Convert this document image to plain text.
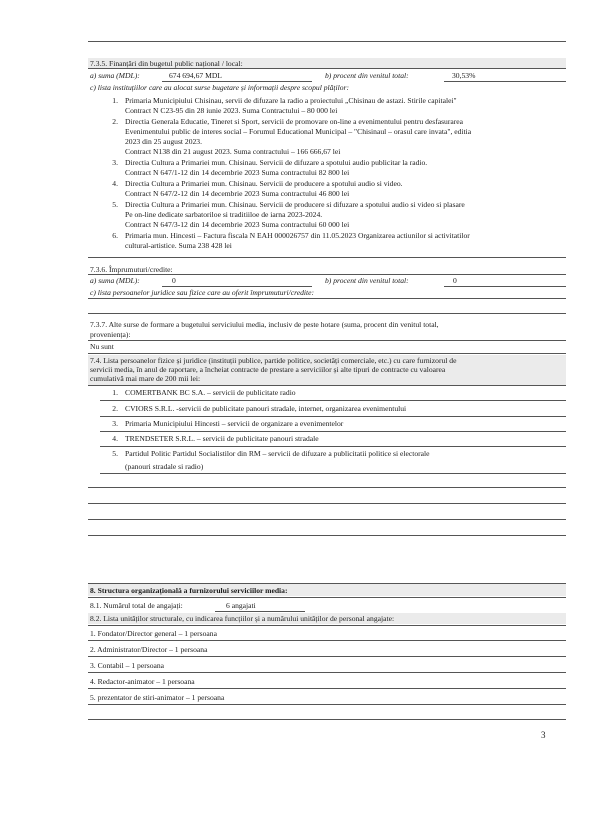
7.3.5. Finanțări din bugetul public național / local:
a) suma (MDL):	674 694,67 MDL	b) procent din venitul total:	30,53%
c) lista instituțiilor care au alocat surse bugetare și informații despre scopul plăților:
1. Primaria Municipiului Chisinau, servii de difuzare la radio a proiectului „Chisinau de astazi. Stirile capitalei"
Contract N C23-95 din 28 iunie 2023. Suma Contractului – 80 000 lei
2. Directia Generala Educatie, Tineret si Sport, servicii de promovare on-line a evenimentului pentru desfasurarea
Evenimentului public de interes social – Forumul Educational Municipal – "Chisinaul – orasul care invata", editia
2023 din 25 august 2023.
Contract N138 din 21 august 2023. Suma contractului – 166 666,67 lei
3. Directia Cultura a Primariei mun. Chisinau. Servicii de difuzare a spotului audio publicitar la radio.
Contract N 647/1-12 din 14 decembrie 2023 Suma contractului 82 800 lei
4. Directia Cultura a Primariei mun. Chisinau. Servicii de producere a spotului audio si video.
Contract N 647/2-12 din 14 decembrie 2023 Suma contractului 46 800 lei
5. Directia Cultura a Primariei mun. Chisinau. Servicii de producere si difuzare a spotului audio si video si plasare
Pe on-line dedicate sarbatoriloe si traditiiloe de iarna 2023-2024.
Contract N 647/3-12 din 14 decembrie 2023 Suma contractului 60 000 lei
6. Primaria mun. Hincesti – Factura fiscala N EAH 000026757 din 11.05.2023 Organizarea actiunilor si activitatilor
cultural-artistice. Suma 238 428 lei
7.3.6. Împrumuturi/credite:
a) suma (MDL):	0	b) procent din venitul total:	0
c) lista persoanelor juridice sau fizice care au oferit împrumuturi/credite:
7.3.7. Alte surse de formare a bugetului serviciului media, inclusiv de peste hotare (suma, procent din venitul total,
proveniența):
Nu sunt
7.4. Lista persoanelor fizice și juridice (instituții publice, partide politice, societăți comerciale, etc.) cu care furnizorul de
servicii media, în anul de raportare, a încheiat contracte de prestare a serviciilor și alte tipuri de contracte cu valoarea
cumulativă mai mare de 200 mii lei:
1. COMERTBANK BC S.A. – servicii de publicitate radio
2. CVIORS S.R.L. -servicii de publicitate panouri stradale, internet, organizarea evenimentului
3. Primaria Municipiului Hincesti – servicii de organizare a evenimentelor
4. TRENDSETER S.R.L. – servicii de publicitate panouri stradale
5. Partidul Politic Partidul Socialistilor din RM – servicii de difuzare a publicitatii politice si electorale
(panouri stradale si radio)
8. Structura organizațională a furnizorului serviciilor media:
8.1. Numărul total de angajați:	6 angajati
8.2. Lista unităților structurale, cu indicarea funcțiilor și a numărului unităților de personal angajate:
1. Fondator/Director general – 1 persoana
2. Administrator/Director – 1 persoana
3. Contabil – 1 persoana
4. Redactor-animator – 1 persoana
5. prezentator de stiri-animator – 1 persoana
3
